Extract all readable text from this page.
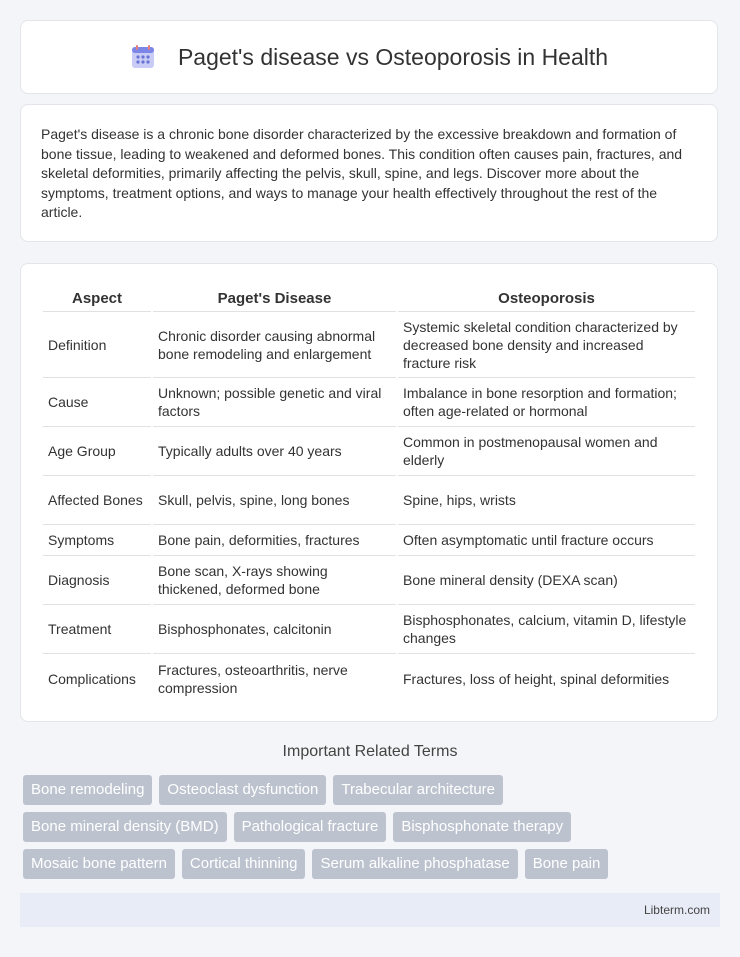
Paget's disease vs Osteoporosis in Health

Paget's disease is a chronic bone disorder characterized by the excessive breakdown and formation of bone tissue, leading to weakened and deformed bones. This condition often causes pain, fractures, and skeletal deformities, primarily affecting the pelvis, skull, spine, and legs. Discover more about the symptoms, treatment options, and ways to manage your health effectively throughout the rest of the article.

Aspect	Paget's Disease	Osteoporosis
Definition	Chronic disorder causing abnormal bone remodeling and enlargement	Systemic skeletal condition characterized by decreased bone density and increased fracture risk
Cause	Unknown; possible genetic and viral factors	Imbalance in bone resorption and formation; often age-related or hormonal
Age Group	Typically adults over 40 years	Common in postmenopausal women and elderly
Affected Bones	Skull, pelvis, spine, long bones	Spine, hips, wrists
Symptoms	Bone pain, deformities, fractures	Often asymptomatic until fracture occurs
Diagnosis	Bone scan, X-rays showing thickened, deformed bone	Bone mineral density (DEXA scan)
Treatment	Bisphosphonates, calcitonin	Bisphosphonates, calcium, vitamin D, lifestyle changes
Complications	Fractures, osteoarthritis, nerve compression	Fractures, loss of height, spinal deformities
Important Related Terms
Bone remodeling	Osteoclast dysfunction	Trabecular architecture
Bone mineral density (BMD)	Pathological fracture	Bisphosphonate therapy
Mosaic bone pattern	Cortical thinning	Serum alkaline phosphatase	Bone pain
Libterm.com
